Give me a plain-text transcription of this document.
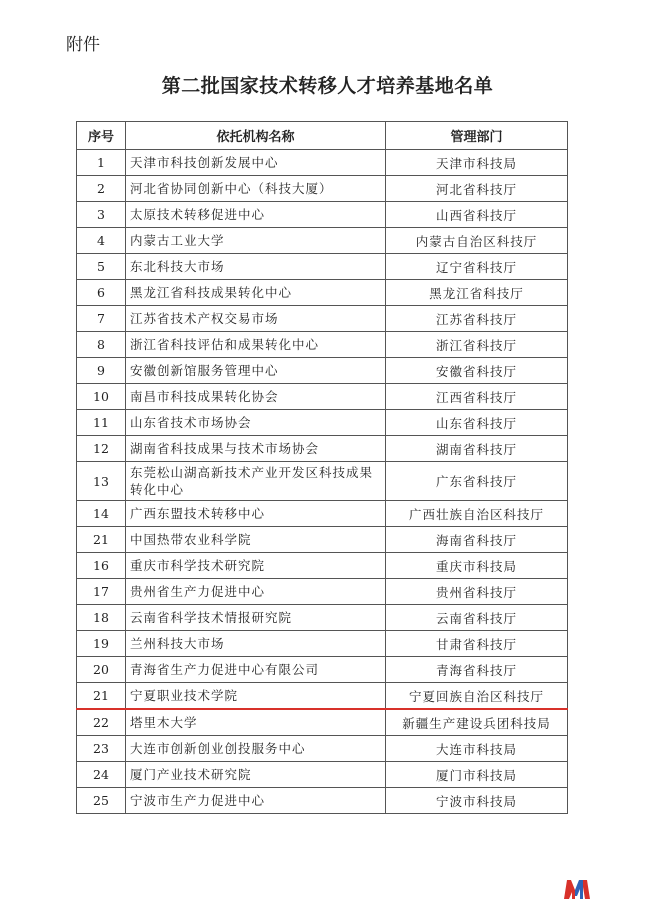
附件
第二批国家技术转移人才培养基地名单
序号	依托机构名称	管理部门
1	天津市科技创新发展中心	天津市科技局
2	河北省协同创新中心（科技大厦）	河北省科技厅
3	太原技术转移促进中心	山西省科技厅
4	内蒙古工业大学	内蒙古自治区科技厅
5	东北科技大市场	辽宁省科技厅
6	黑龙江省科技成果转化中心	黑龙江省科技厅
7	江苏省技术产权交易市场	江苏省科技厅
8	浙江省科技评估和成果转化中心	浙江省科技厅
9	安徽创新馆服务管理中心	安徽省科技厅
10	南昌市科技成果转化协会	江西省科技厅
11	山东省技术市场协会	山东省科技厅
12	湖南省科技成果与技术市场协会	湖南省科技厅
13	东莞松山湖高新技术产业开发区科技成果转化中心	广东省科技厅
14	广西东盟技术转移中心	广西壮族自治区科技厅
21	中国热带农业科学院	海南省科技厅
16	重庆市科学技术研究院	重庆市科技局
17	贵州省生产力促进中心	贵州省科技厅
18	云南省科学技术情报研究院	云南省科技厅
19	兰州科技大市场	甘肃省科技厅
20	青海省生产力促进中心有限公司	青海省科技厅
21	宁夏职业技术学院	宁夏回族自治区科技厅
22	塔里木大学	新疆生产建设兵团科技局
23	大连市创新创业创投服务中心	大连市科技局
24	厦门产业技术研究院	厦门市科技局
25	宁波市生产力促进中心	宁波市科技局
